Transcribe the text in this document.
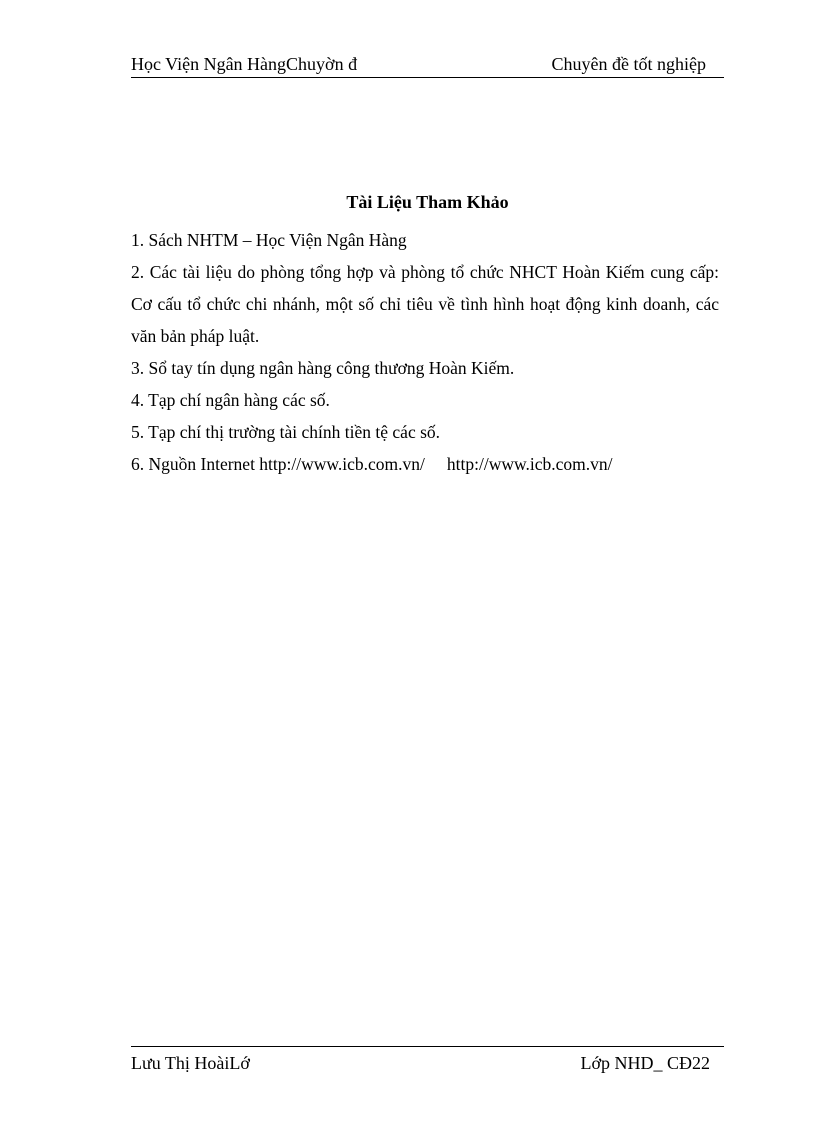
Học Viện Ngân HàngChuyờn đ	Chuyên đề tốt nghiệp
Tài Liệu Tham Khảo

1. Sách NHTM – Học Viện Ngân Hàng

2. Các tài liệu do phòng tổng hợp và phòng tổ chức NHCT Hoàn Kiếm cung cấp: Cơ cấu tổ chức chi nhánh, một số chỉ tiêu về tình hình hoạt động kinh doanh, các văn bản pháp luật.

3. Sổ tay tín dụng ngân hàng công thương Hoàn Kiếm.

4. Tạp chí ngân hàng các số.

5. Tạp chí thị trường tài chính tiền tệ các số.

6. Nguồn Internet http://www.icb.com.vn/ http://www.icb.com.vn/

Lưu Thị HoàiLớ	Lớp NHD_ CĐ22
